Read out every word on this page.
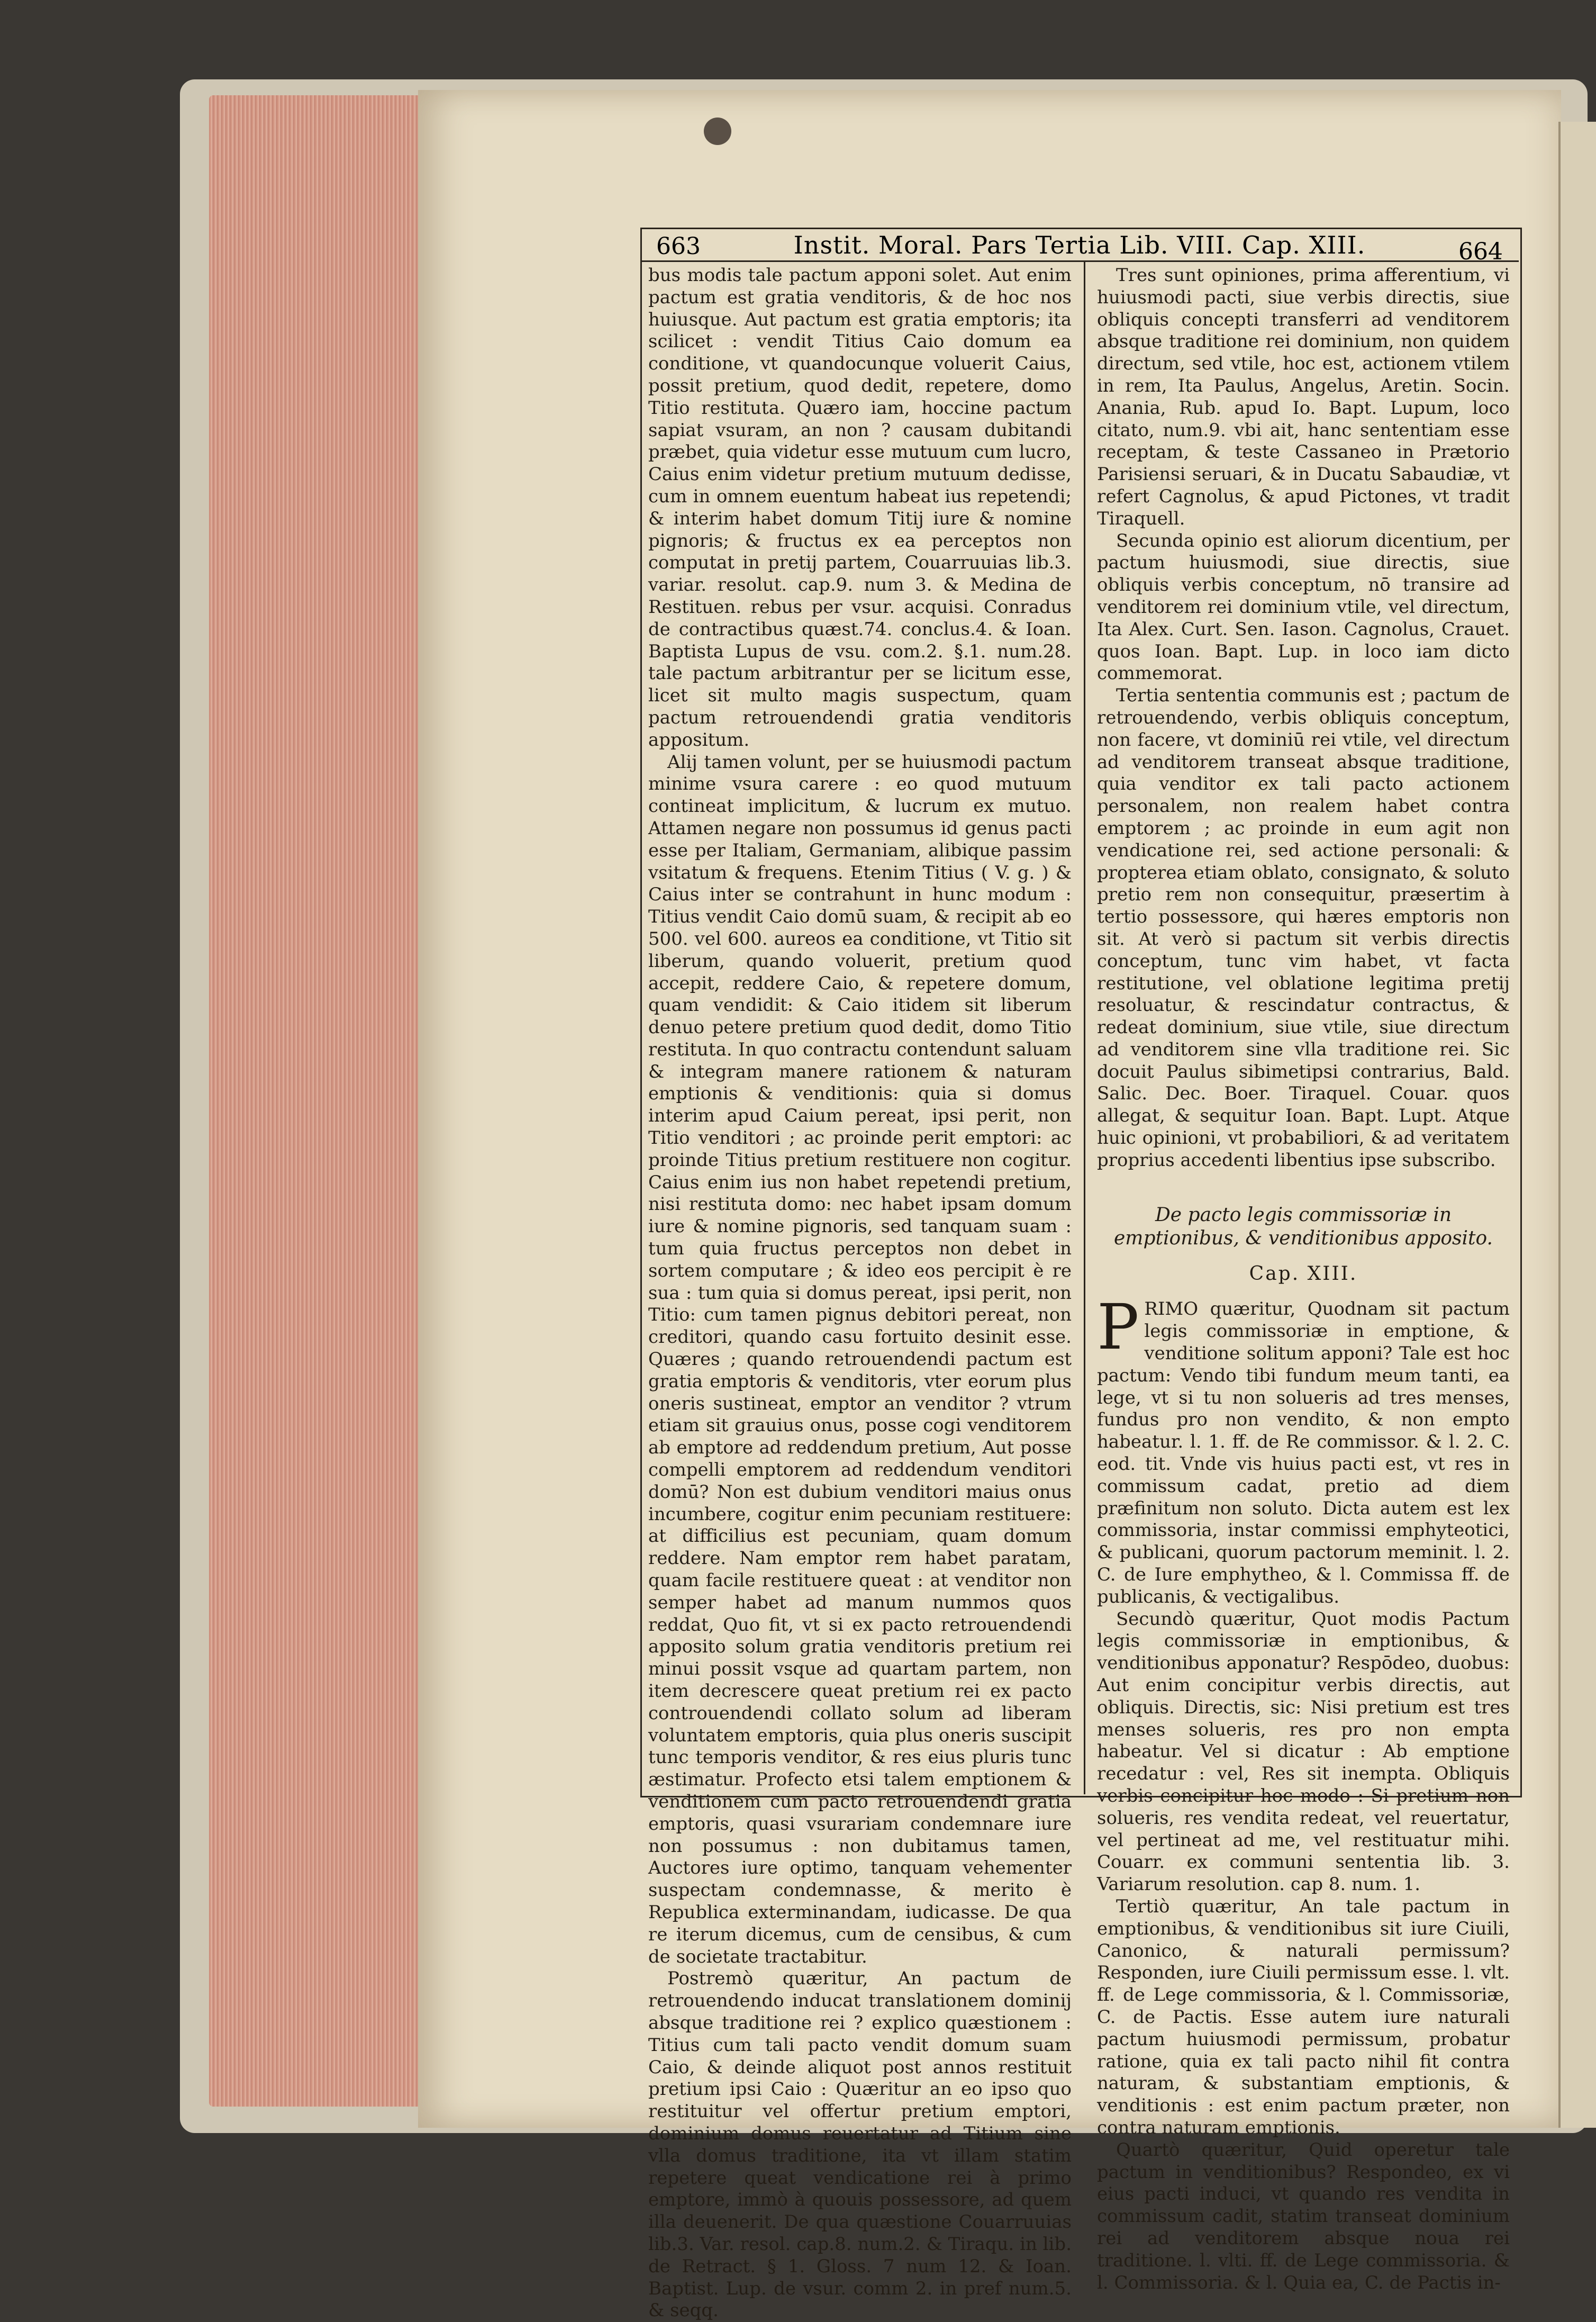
663	Instit. Moral. Pars Tertia Lib. VIII. Cap. XIII.	664

bus modis tale pactum apponi solet. Aut enim pactum est gratia venditoris, & de hoc nos huiusque. Aut pactum est gratia emptoris; ita scilicet : vendit Titius Caio domum ea conditione, vt quandocunque voluerit Caius, possit pretium, quod dedit, repetere, domo Titio restituta. Quæro iam, hoccine pactum sapiat vsuram, an non ? causam dubitandi præbet, quia videtur esse mutuum cum lucro, Caius enim videtur pretium mutuum dedisse, cum in omnem euentum habeat ius repetendi; & interim habet domum Titij iure & nomine pignoris; & fructus ex ea perceptos non computat in pretij partem, Couarruuias lib.3. variar. resolut. cap.9. num 3. & Medina de Restituen. rebus per vsur. acquisi. Conradus de contractibus quæst.74. conclus.4. & Ioan. Baptista Lupus de vsu. com.2. §.1. num.28. tale pactum arbitrantur per se licitum esse, licet sit multo magis suspectum, quam pactum retrouendendi gratia venditoris appositum.

Alij tamen volunt, per se huiusmodi pactum minime vsura carere : eo quod mutuum contineat implicitum, & lucrum ex mutuo. Attamen negare non possumus id genus pacti esse per Italiam, Germaniam, alibique passim vsitatum & frequens. Etenim Titius ( V. g. ) & Caius inter se contrahunt in hunc modum : Titius vendit Caio domū suam, & recipit ab eo 500. vel 600. aureos ea conditione, vt Titio sit liberum, quando voluerit, pretium quod accepit, reddere Caio, & repetere domum, quam vendidit: & Caio itidem sit liberum denuo petere pretium quod dedit, domo Titio restituta. In quo contractu contendunt saluam & integram manere rationem & naturam emptionis & venditionis: quia si domus interim apud Caium pereat, ipsi perit, non Titio venditori ; ac proinde perit emptori: ac proinde Titius pretium restituere non cogitur. Caius enim ius non habet repetendi pretium, nisi restituta domo: nec habet ipsam domum iure & nomine pignoris, sed tanquam suam : tum quia fructus perceptos non debet in sortem computare ; & ideo eos percipit è re sua : tum quia si domus pereat, ipsi perit, non Titio: cum tamen pignus debitori pereat, non creditori, quando casu fortuito desinit esse. Quæres ; quando retrouendendi pactum est gratia emptoris & venditoris, vter eorum plus oneris sustineat, emptor an venditor ? vtrum etiam sit grauius onus, posse cogi venditorem ab emptore ad reddendum pretium, Aut posse compelli emptorem ad reddendum venditori domū? Non est dubium venditori maius onus incumbere, cogitur enim pecuniam restituere: at difficilius est pecuniam, quam domum reddere. Nam emptor rem habet paratam, quam facile restituere queat : at venditor non semper habet ad manum nummos quos reddat, Quo fit, vt si ex pacto retrouendendi apposito solum gratia venditoris pretium rei minui possit vsque ad quartam partem, non item decrescere queat pretium rei ex pacto controuendendi collato solum ad liberam voluntatem emptoris, quia plus oneris suscipit tunc temporis venditor, & res eius pluris tunc æstimatur. Profecto etsi talem emptionem & venditionem cum pacto retrouendendi gratia emptoris, quasi vsurariam condemnare iure non possumus : non dubitamus tamen, Auctores iure optimo, tanquam vehementer suspectam condemnasse, & merito è Republica exterminandam, iudicasse. De qua re iterum dicemus, cum de censibus, & cum de societate tractabitur.

Postremò quæritur, An pactum de retrouendendo inducat translationem dominij absque traditione rei ? explico quæstionem : Titius cum tali pacto vendit domum suam Caio, & deinde aliquot post annos restituit pretium ipsi Caio : Quæritur an eo ipso quo restituitur vel offertur pretium emptori, dominium domus reuertatur ad Titium sine vlla domus traditione, ita vt illam statim repetere queat vendicatione rei à primo emptore, immò à quouis possessore, ad quem illa deuenerit. De qua quæstione Couarruuias lib.3. Var. resol. cap.8. num.2. & Tiraqu. in lib. de Retract. § 1. Gloss. 7 num 12. & Ioan. Baptist. Lup. de vsur. comm 2. in pref num.5. & seqq.

Tres sunt opiniones, prima afferentium, vi huiusmodi pacti, siue verbis directis, siue obliquis concepti transferri ad venditorem absque traditione rei dominium, non quidem directum, sed vtile, hoc est, actionem vtilem in rem, Ita Paulus, Angelus, Aretin. Socin. Anania, Rub. apud Io. Bapt. Lupum, loco citato, num.9. vbi ait, hanc sententiam esse receptam, & teste Cassaneo in Prætorio Parisiensi seruari, & in Ducatu Sabaudiæ, vt refert Cagnolus, & apud Pictones, vt tradit Tiraquell.

Secunda opinio est aliorum dicentium, per pactum huiusmodi, siue directis, siue obliquis verbis conceptum, nō transire ad venditorem rei dominium vtile, vel directum, Ita Alex. Curt. Sen. Iason. Cagnolus, Crauet. quos Ioan. Bapt. Lup. in loco iam dicto commemorat.

Tertia sententia communis est ; pactum de retrouendendo, verbis obliquis conceptum, non facere, vt dominiū rei vtile, vel directum ad venditorem transeat absque traditione, quia venditor ex tali pacto actionem personalem, non realem habet contra emptorem ; ac proinde in eum agit non vendicatione rei, sed actione personali: & propterea etiam oblato, consignato, & soluto pretio rem non consequitur, præsertim à tertio possessore, qui hæres emptoris non sit. At verò si pactum sit verbis directis conceptum, tunc vim habet, vt facta restitutione, vel oblatione legitima pretij resoluatur, & rescindatur contractus, & redeat dominium, siue vtile, siue directum ad venditorem sine vlla traditione rei. Sic docuit Paulus sibimetipsi contrarius, Bald. Salic. Dec. Boer. Tiraquel. Couar. quos allegat, & sequitur Ioan. Bapt. Lupt. Atque huic opinioni, vt probabiliori, & ad veritatem proprius accedenti libentius ipse subscribo.

De pacto legis commissoriæ in emptionibus, & venditionibus apposito.
Cap. XIII.

PRIMO quæritur, Quodnam sit pactum legis commissoriæ in emptione, & venditione solitum apponi? Tale est hoc pactum: Vendo tibi fundum meum tanti, ea lege, vt si tu non solueris ad tres menses, fundus pro non vendito, & non empto habeatur. l. 1. ff. de Re commissor. & l. 2. C. eod. tit. Vnde vis huius pacti est, vt res in commissum cadat, pretio ad diem præfinitum non soluto. Dicta autem est lex commissoria, instar commissi emphyteotici, & publicani, quorum pactorum meminit. l. 2. C. de Iure emphytheo, & l. Commissa ff. de publicanis, & vectigalibus.

Secundò quæritur, Quot modis Pactum legis commissoriæ in emptionibus, & venditionibus apponatur? Respōdeo, duobus: Aut enim concipitur verbis directis, aut obliquis. Directis, sic: Nisi pretium est tres menses solueris, res pro non empta habeatur. Vel si dicatur : Ab emptione recedatur : vel, Res sit inempta. Obliquis verbis concipitur hoc modo : Si pretium non solueris, res vendita redeat, vel reuertatur, vel pertineat ad me, vel restituatur mihi. Couarr. ex communi sententia lib. 3. Variarum resolution. cap 8. num. 1.

Tertiò quæritur, An tale pactum in emptionibus, & venditionibus sit iure Ciuili, Canonico, & naturali permissum? Responden, iure Ciuili permissum esse. l. vlt. ff. de Lege commissoria, & l. Commissoriæ, C. de Pactis. Esse autem iure naturali pactum huiusmodi permissum, probatur ratione, quia ex tali pacto nihil fit contra naturam, & substantiam emptionis, & venditionis : est enim pactum præter, non contra naturam emptionis.

Quartò quæritur, Quid operetur tale pactum in venditionibus? Respondeo, ex vi eius pacti induci, vt quando res vendita in commissum cadit, statim transeat dominium rei ad venditorem absque noua rei traditione. l. vlti. ff. de Lege commissoria. & l. Commissoria. & l. Quia ea, C. de Pactis in-
